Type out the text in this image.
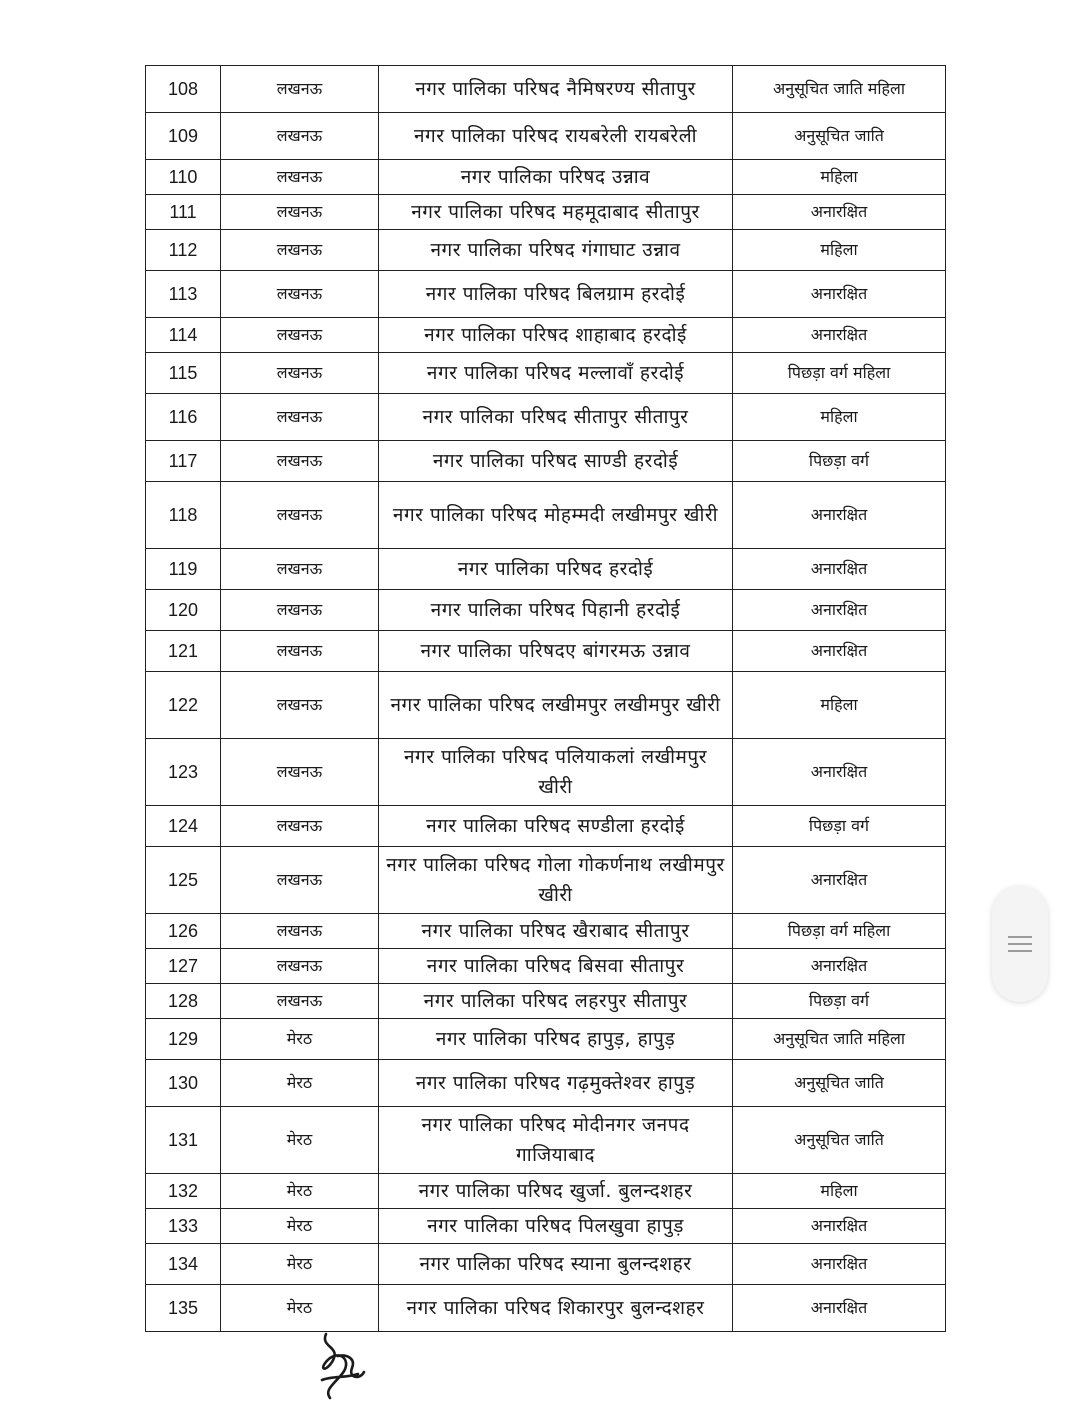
108	लखनऊ	नगर पालिका परिषद नैमिषरण्य सीतापुर	अनुसूचित जाति महिला
109	लखनऊ	नगर पालिका परिषद रायबरेली रायबरेली	अनुसूचित जाति
110	लखनऊ	नगर पालिका परिषद उन्नाव	महिला
111	लखनऊ	नगर पालिका परिषद महमूदाबाद सीतापुर	अनारक्षित
112	लखनऊ	नगर पालिका परिषद गंगाघाट उन्नाव	महिला
113	लखनऊ	नगर पालिका परिषद बिलग्राम हरदोई	अनारक्षित
114	लखनऊ	नगर पालिका परिषद शाहाबाद हरदोई	अनारक्षित
115	लखनऊ	नगर पालिका परिषद मल्लावाँ हरदोई	पिछड़ा वर्ग महिला
116	लखनऊ	नगर पालिका परिषद सीतापुर सीतापुर	महिला
117	लखनऊ	नगर पालिका परिषद साण्डी हरदोई	पिछड़ा वर्ग
118	लखनऊ	नगर पालिका परिषद मोहम्मदी लखीमपुर खीरी	अनारक्षित
119	लखनऊ	नगर पालिका परिषद हरदोई	अनारक्षित
120	लखनऊ	नगर पालिका परिषद पिहानी हरदोई	अनारक्षित
121	लखनऊ	नगर पालिका परिषदए बांगरमऊ उन्नाव	अनारक्षित
122	लखनऊ	नगर पालिका परिषद लखीमपुर लखीमपुर खीरी	महिला
123	लखनऊ	नगर पालिका परिषद पलियाकलां लखीमपुर खीरी	अनारक्षित
124	लखनऊ	नगर पालिका परिषद सण्डीला हरदोई	पिछड़ा वर्ग
125	लखनऊ	नगर पालिका परिषद गोला गोकर्णनाथ लखीमपुर खीरी	अनारक्षित
126	लखनऊ	नगर पालिका परिषद खैराबाद सीतापुर	पिछड़ा वर्ग महिला
127	लखनऊ	नगर पालिका परिषद बिसवा सीतापुर	अनारक्षित
128	लखनऊ	नगर पालिका परिषद लहरपुर सीतापुर	पिछड़ा वर्ग
129	मेरठ	नगर पालिका परिषद हापुड़, हापुड़	अनुसूचित जाति महिला
130	मेरठ	नगर पालिका परिषद गढ़मुक्तेश्वर हापुड़	अनुसूचित जाति
131	मेरठ	नगर पालिका परिषद मोदीनगर जनपद गाजियाबाद	अनुसूचित जाति
132	मेरठ	नगर पालिका परिषद खुर्जा. बुलन्दशहर	महिला
133	मेरठ	नगर पालिका परिषद पिलखुवा हापुड़	अनारक्षित
134	मेरठ	नगर पालिका परिषद स्याना बुलन्दशहर	अनारक्षित
135	मेरठ	नगर पालिका परिषद शिकारपुर बुलन्दशहर	अनारक्षित
